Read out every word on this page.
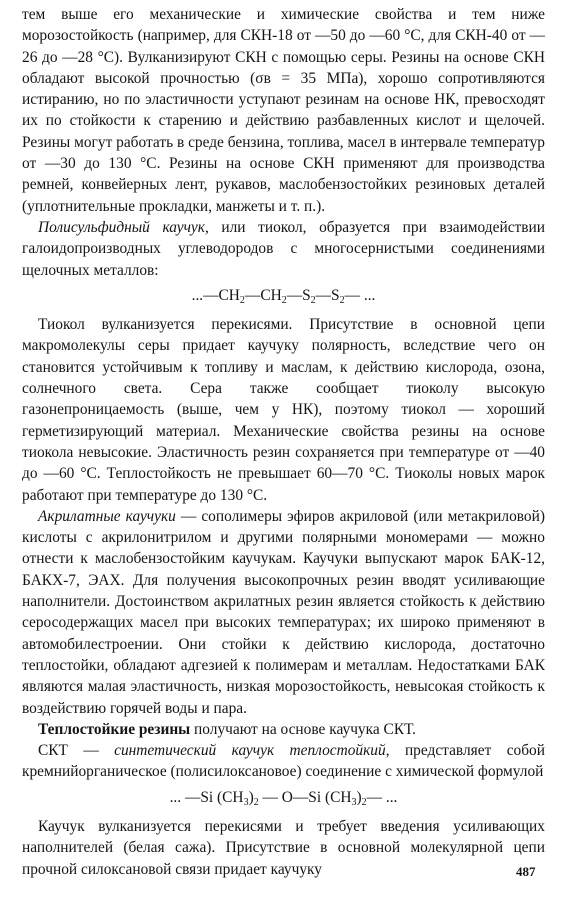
тем выше его механические и химические свойства и тем ниже морозостойкость (например, для СКН-18 от —50 до —60 °С, для СКН-40 от —26 до —28 °С). Вулканизируют СКН с помощью серы. Резины на основе СКН обладают высокой прочностью (σв = 35 МПа), хорошо сопротивляются истиранию, но по эластичности уступают резинам на основе НК, превосходят их по стойкости к старению и действию разбавленных кислот и щелочей. Резины могут работать в среде бензина, топлива, масел в интервале температур от —30 до 130 °С. Резины на основе СКН применяют для производства ремней, конвейерных лент, рукавов, маслобензостойких резиновых деталей (уплотнительные прокладки, манжеты и т. п.).

Полисульфидный каучук, или тиокол, образуется при взаимодействии галоидопроизводных углеводородов с многосернистыми соединениями щелочных металлов:

$...—CH_2—CH_2—S_2—S_2—$ ...

Тиокол вулканизуется перекисями. Присутствие в основной цепи макромолекулы серы придает каучуку полярность, вследствие чего он становится устойчивым к топливу и маслам, к действию кислорода, озона, солнечного света. Сера также сообщает тиоколу высокую газонепроницаемость (выше, чем у НК), поэтому тиокол — хороший герметизирующий материал. Механические свойства резины на основе тиокола невысокие. Эластичность резин сохраняется при температуре от —40 до —60 °С. Теплостойкость не превышает 60—70 °С. Тиоколы новых марок работают при температуре до 130 °С.

Акрилатные каучуки — сополимеры эфиров акриловой (или метакриловой) кислоты с акрилонитрилом и другими полярными мономерами — можно отнести к маслобензостойким каучукам. Каучуки выпускают марок БАК-12, БАКХ-7, ЭАХ. Для получения высокопрочных резин вводят усиливающие наполнители. Достоинством акрилатных резин является стойкость к действию серосодержащих масел при высоких температурах; их широко применяют в автомобилестроении. Они стойки к действию кислорода, достаточно теплостойки, обладают адгезией к полимерам и металлам. Недостатками БАК являются малая эластичность, низкая морозостойкость, невысокая стойкость к воздействию горячей воды и пара.

Теплостойкие резины получают на основе каучука СКТ.

СКТ — синтетический каучук теплостойкий, представляет собой кремнийорганическое (полисилоксановое) соединение с химической формулой

... —Si $(CH_3)_2$ — O—Si $(CH_3)_2—$ ...

Каучук вулканизуется перекисями и требует введения усиливающих наполнителей (белая сажа). Присутствие в основной молекулярной цепи прочной силоксановой связи придает каучуку	487
